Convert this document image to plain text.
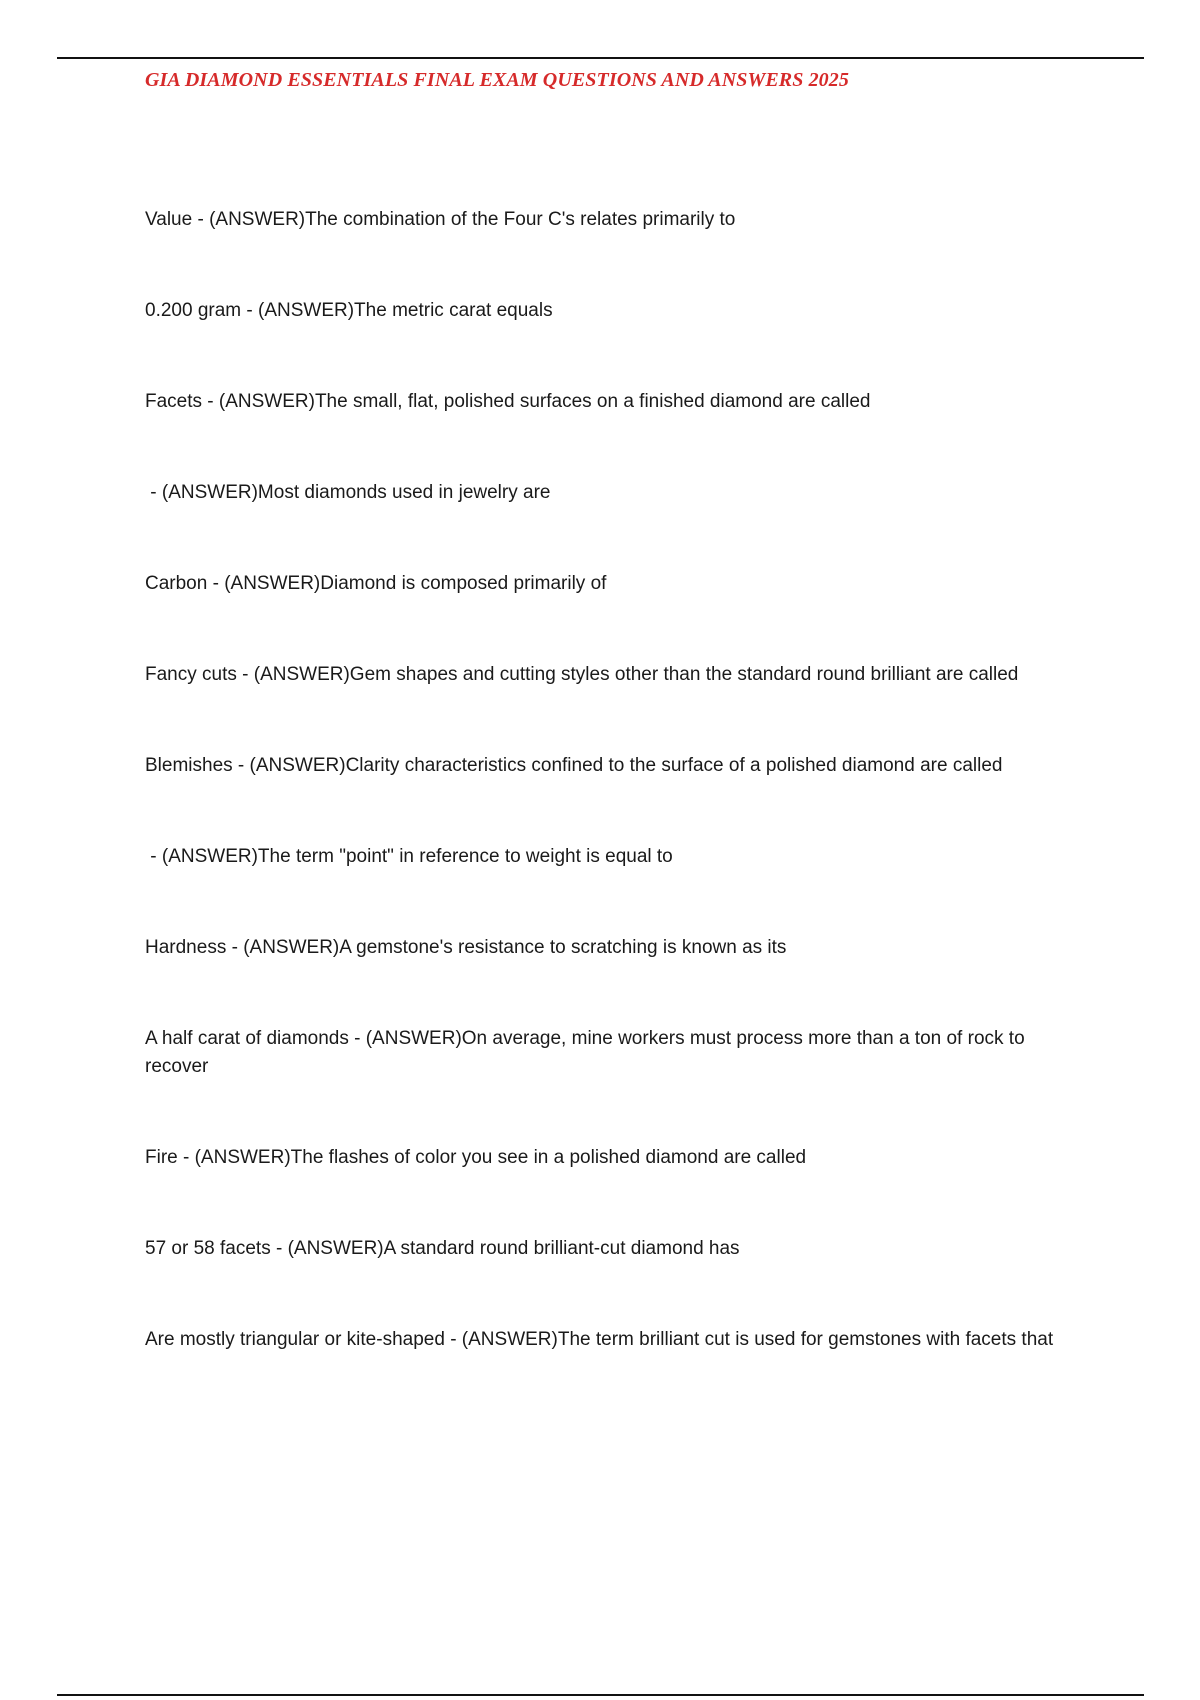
GIA DIAMOND ESSENTIALS FINAL EXAM QUESTIONS AND ANSWERS 2025

Value - (ANSWER)The combination of the Four C's relates primarily to

0.200 gram - (ANSWER)The metric carat equals

Facets - (ANSWER)The small, flat, polished surfaces on a finished diamond are called

- (ANSWER)Most diamonds used in jewelry are

Carbon - (ANSWER)Diamond is composed primarily of

Fancy cuts - (ANSWER)Gem shapes and cutting styles other than the standard round brilliant are called

Blemishes - (ANSWER)Clarity characteristics confined to the surface of a polished diamond are called

- (ANSWER)The term "point" in reference to weight is equal to

Hardness - (ANSWER)A gemstone's resistance to scratching is known as its

A half carat of diamonds - (ANSWER)On average, mine workers must process more than a ton of rock to recover

Fire - (ANSWER)The flashes of color you see in a polished diamond are called

57 or 58 facets - (ANSWER)A standard round brilliant-cut diamond has

Are mostly triangular or kite-shaped - (ANSWER)The term brilliant cut is used for gemstones with facets that
